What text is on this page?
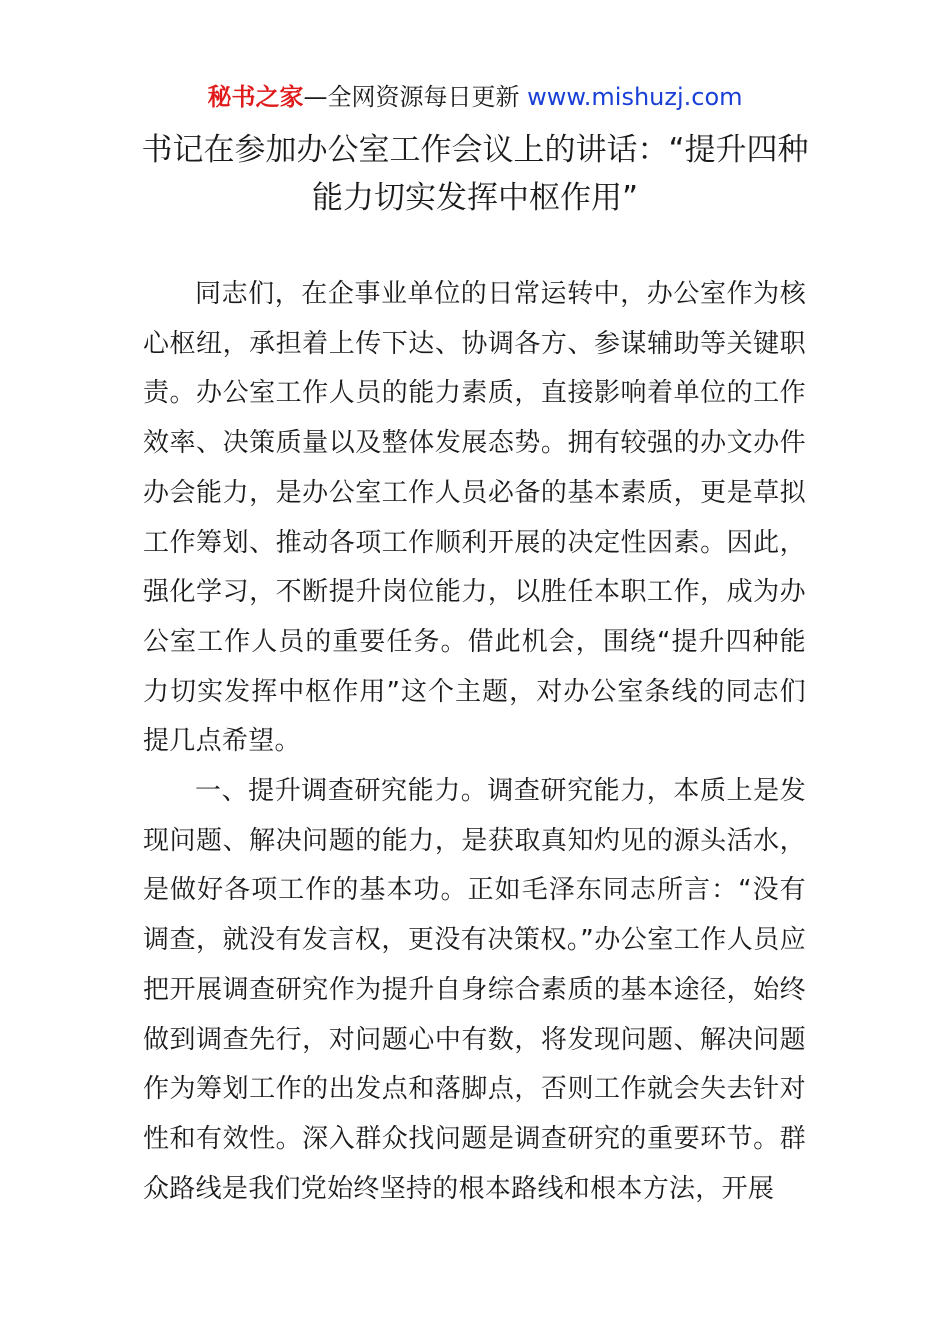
秘书之家—全网资源每日更新 www.mishuzj.com
书记在参加办公室工作会议上的讲话：“提升四种能力切实发挥中枢作用”

同志们，在企事业单位的日常运转中，办公室作为核心枢纽，承担着上传下达、协调各方、参谋辅助等关键职责。办公室工作人员的能力素质，直接影响着单位的工作效率、决策质量以及整体发展态势。拥有较强的办文办件办会能力，是办公室工作人员必备的基本素质，更是草拟工作筹划、推动各项工作顺利开展的决定性因素。因此，强化学习，不断提升岗位能力，以胜任本职工作，成为办公室工作人员的重要任务。借此机会，围绕“提升四种能力切实发挥中枢作用”这个主题，对办公室条线的同志们提几点希望。

一、提升调查研究能力。调查研究能力，本质上是发现问题、解决问题的能力，是获取真知灼见的源头活水，是做好各项工作的基本功。正如毛泽东同志所言：“没有调查，就没有发言权，更没有决策权。”办公室工作人员应把开展调查研究作为提升自身综合素质的基本途径，始终做到调查先行，对问题心中有数，将发现问题、解决问题作为筹划工作的出发点和落脚点，否则工作就会失去针对性和有效性。深入群众找问题是调查研究的重要环节。群众路线是我们党始终坚持的根本路线和根本方法，开展
